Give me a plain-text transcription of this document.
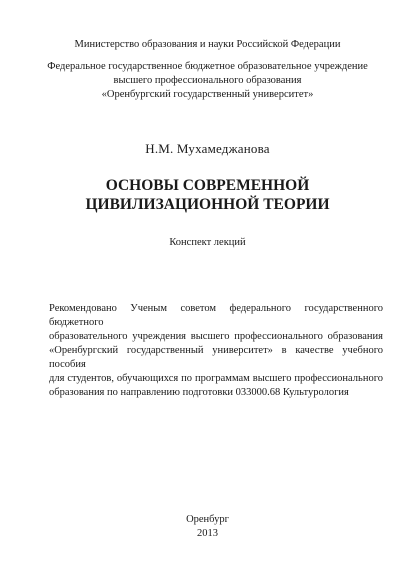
Министерство образования и науки Российской Федерации
Федеральное государственное бюджетное образовательное учреждение
высшего профессионального образования
«Оренбургский государственный университет»
Н.М. Мухамеджанова
ОСНОВЫ СОВРЕМЕННОЙ
ЦИВИЛИЗАЦИОННОЙ ТЕОРИИ
Конспект лекций
Рекомендовано Ученым советом федерального государственного бюджетного
образовательного учреждения высшего профессионального образования
«Оренбургский государственный университет» в качестве учебного пособия
для студентов, обучающихся по программам высшего профессионального
образования по направлению подготовки 033000.68 Культурология
Оренбург
2013
